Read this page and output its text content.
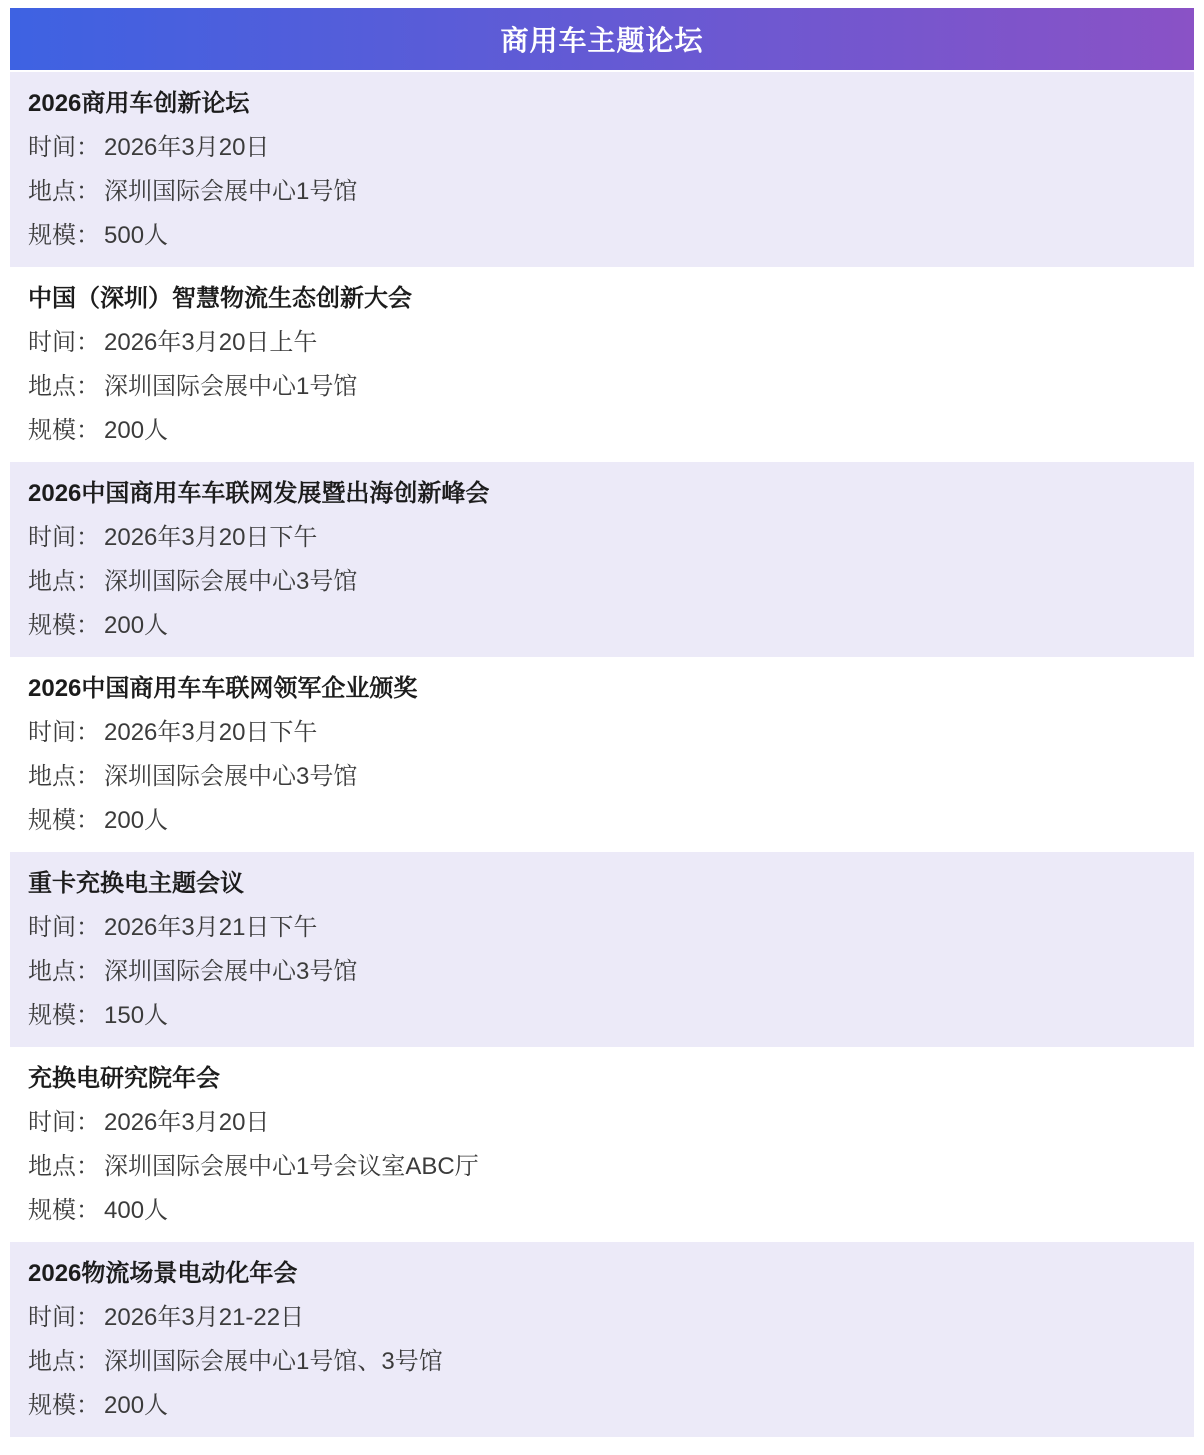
商用车主题论坛
2026商用车创新论坛
时间： 2026年3月20日
地点： 深圳国际会展中心1号馆
规模： 500人
中国（深圳）智慧物流生态创新大会
时间： 2026年3月20日上午
地点： 深圳国际会展中心1号馆
规模： 200人
2026中国商用车车联网发展暨出海创新峰会
时间： 2026年3月20日下午
地点： 深圳国际会展中心3号馆
规模： 200人
2026中国商用车车联网领军企业颁奖
时间： 2026年3月20日下午
地点： 深圳国际会展中心3号馆
规模： 200人
重卡充换电主题会议
时间： 2026年3月21日下午
地点： 深圳国际会展中心3号馆
规模： 150人
充换电研究院年会
时间： 2026年3月20日
地点： 深圳国际会展中心1号会议室ABC厅
规模： 400人
2026物流场景电动化年会
时间： 2026年3月21-22日
地点： 深圳国际会展中心1号馆、3号馆
规模： 200人
